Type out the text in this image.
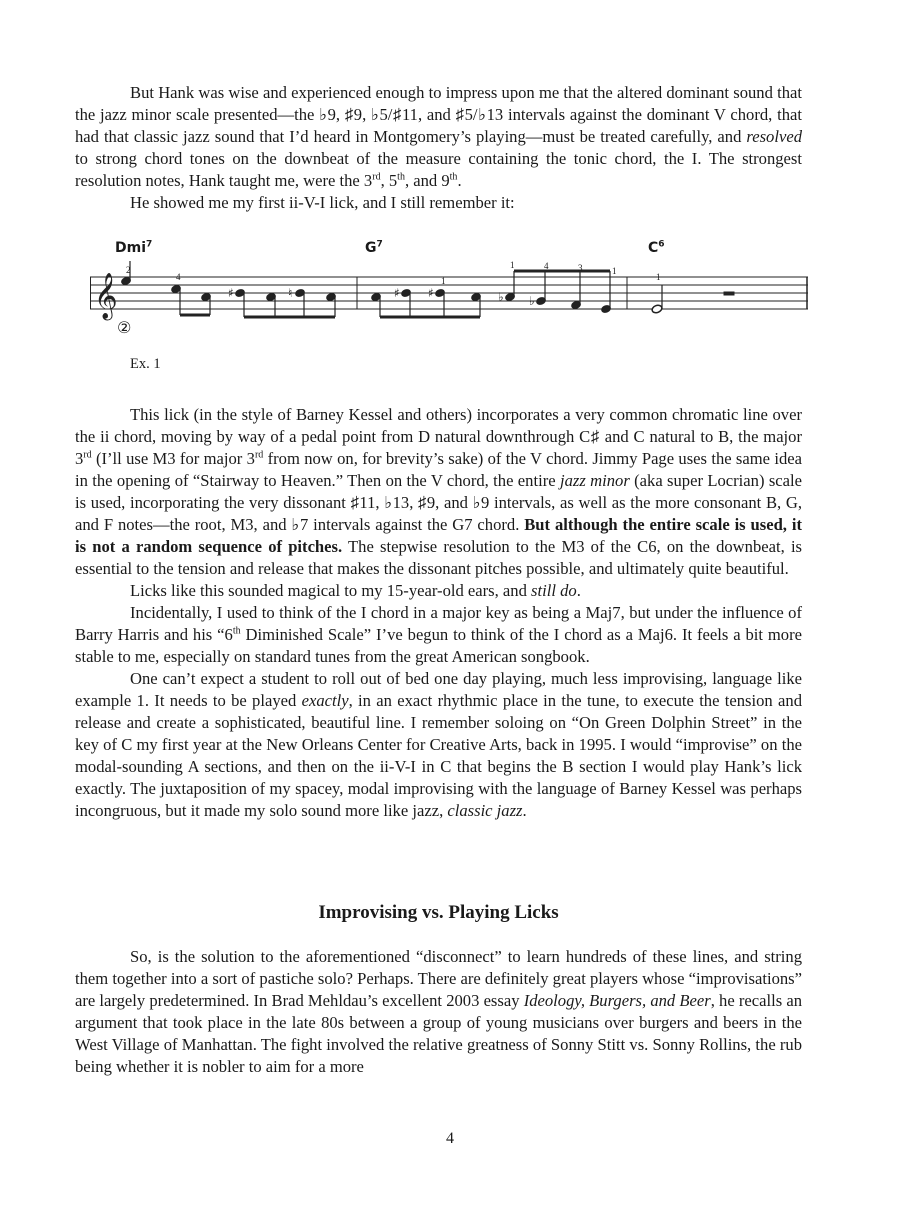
But Hank was wise and experienced enough to impress upon me that the altered dominant sound that the jazz minor scale presented—the ♭9, ♯9, ♭5/♯11, and ♯5/♭13 intervals against the dominant V chord, that had that classic jazz sound that I’d heard in Montgomery’s playing—must be treated carefully, and resolved to strong chord tones on the downbeat of the measure containing the tonic chord, the I. The strongest resolution notes, Hank taught me, were the 3rd, 5th, and 9th.

He showed me my first ii-V-I lick, and I still remember it:

Dmi$^7$	$G^7$	$C^6$
𝄞	♯	♮	♯ ♯	♭ ♭
2
4	1
1	4	3	1
1
②
Ex. 1

This lick (in the style of Barney Kessel and others) incorporates a very common chromatic line over the ii chord, moving by way of a pedal point from D natural downthrough C♯ and C natural to B, the major 3rd (I’ll use M3 for major 3rd from now on, for brevity’s sake) of the V chord. Jimmy Page uses the same idea in the opening of “Stairway to Heaven.” Then on the V chord, the entire jazz minor (aka super Locrian) scale is used, incorporating the very dissonant ♯11, ♭13, ♯9, and ♭9 intervals, as well as the more consonant B, G, and F notes—the root, M3, and ♭7 intervals against the G7 chord. But although the entire scale is used, it is not a random sequence of pitches. The stepwise resolution to the M3 of the C6, on the downbeat, is essential to the tension and release that makes the dissonant pitches possible, and ultimately quite beautiful.

Licks like this sounded magical to my 15-year-old ears, and still do.

Incidentally, I used to think of the I chord in a major key as being a Maj7, but under the influence of Barry Harris and his “6th Diminished Scale” I’ve begun to think of the I chord as a Maj6. It feels a bit more stable to me, especially on standard tunes from the great American songbook.

One can’t expect a student to roll out of bed one day playing, much less improvising, language like example 1. It needs to be played exactly, in an exact rhythmic place in the tune, to execute the tension and release and create a sophisticated, beautiful line. I remember soloing on “On Green Dolphin Street” in the key of C my first year at the New Orleans Center for Creative Arts, back in 1995. I would “improvise” on the modal-sounding A sections, and then on the ii-V-I in C that begins the B section I would play Hank’s lick exactly. The juxtaposition of my spacey, modal improvising with the language of Barney Kessel was perhaps incongruous, but it made my solo sound more like jazz, classic jazz.

Improvising vs. Playing Licks

So, is the solution to the aforementioned “disconnect” to learn hundreds of these lines, and string them together into a sort of pastiche solo? Perhaps. There are definitely great players whose “improvisations” are largely predetermined. In Brad Mehldau’s excellent 2003 essay Ideology, Burgers, and Beer, he recalls an argument that took place in the late 80s between a group of young musicians over burgers and beers in the West Village of Manhattan. The fight involved the relative greatness of Sonny Stitt vs. Sonny Rollins, the rub being whether it is nobler to aim for a more

4
